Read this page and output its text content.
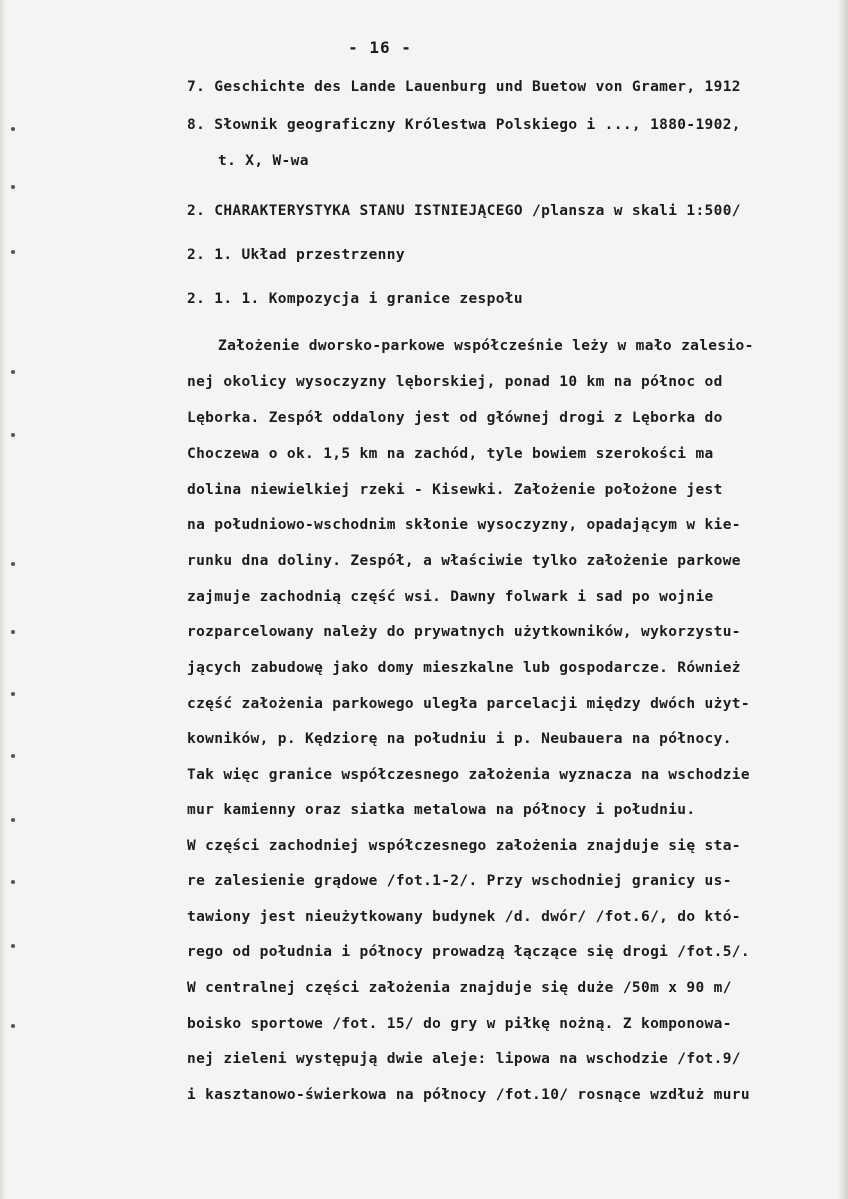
- 16 -
7. Geschichte des Lande Lauenburg und Buetow von Gramer, 1912
8. Słownik geograficzny Królestwa Polskiego i ..., 1880-1902,
t. X, W-wa
2. CHARAKTERYSTYKA STANU ISTNIEJĄCEGO /plansza w skali 1:500/
2. 1. Układ przestrzenny
2. 1. 1. Kompozycja i granice zespołu
Założenie dworsko-parkowe współcześnie leży w mało zalesio-
nej okolicy wysoczyzny lęborskiej, ponad 10 km na północ od
Lęborka. Zespół oddalony jest od głównej drogi z Lęborka do
Choczewa o ok. 1,5 km na zachód, tyle bowiem szerokości ma
dolina niewielkiej rzeki - Kisewki. Założenie położone jest
na południowo-wschodnim skłonie wysoczyzny, opadającym w kie-
runku dna doliny. Zespół, a właściwie tylko założenie parkowe
zajmuje zachodnią część wsi. Dawny folwark i sad po wojnie
rozparcelowany należy do prywatnych użytkowników, wykorzystu-
jących zabudowę jako domy mieszkalne lub gospodarcze. Również
część założenia parkowego uległa parcelacji między dwóch użyt-
kowników, p. Kędziorę na południu i p. Neubauera na północy.
Tak więc granice współczesnego założenia wyznacza na wschodzie
mur kamienny oraz siatka metalowa na północy i południu.
W części zachodniej współczesnego założenia znajduje się sta-
re zalesienie grądowe /fot.1-2/. Przy wschodniej granicy us-
tawiony jest nieużytkowany budynek /d. dwór/ /fot.6/, do któ-
rego od południa i północy prowadzą łączące się drogi /fot.5/.
W centralnej części założenia znajduje się duże /50m x 90 m/
boisko sportowe /fot. 15/ do gry w piłkę nożną. Z komponowa-
nej zieleni występują dwie aleje: lipowa na wschodzie /fot.9/
i kasztanowo-świerkowa na północy /fot.10/ rosnące wzdłuż muru
